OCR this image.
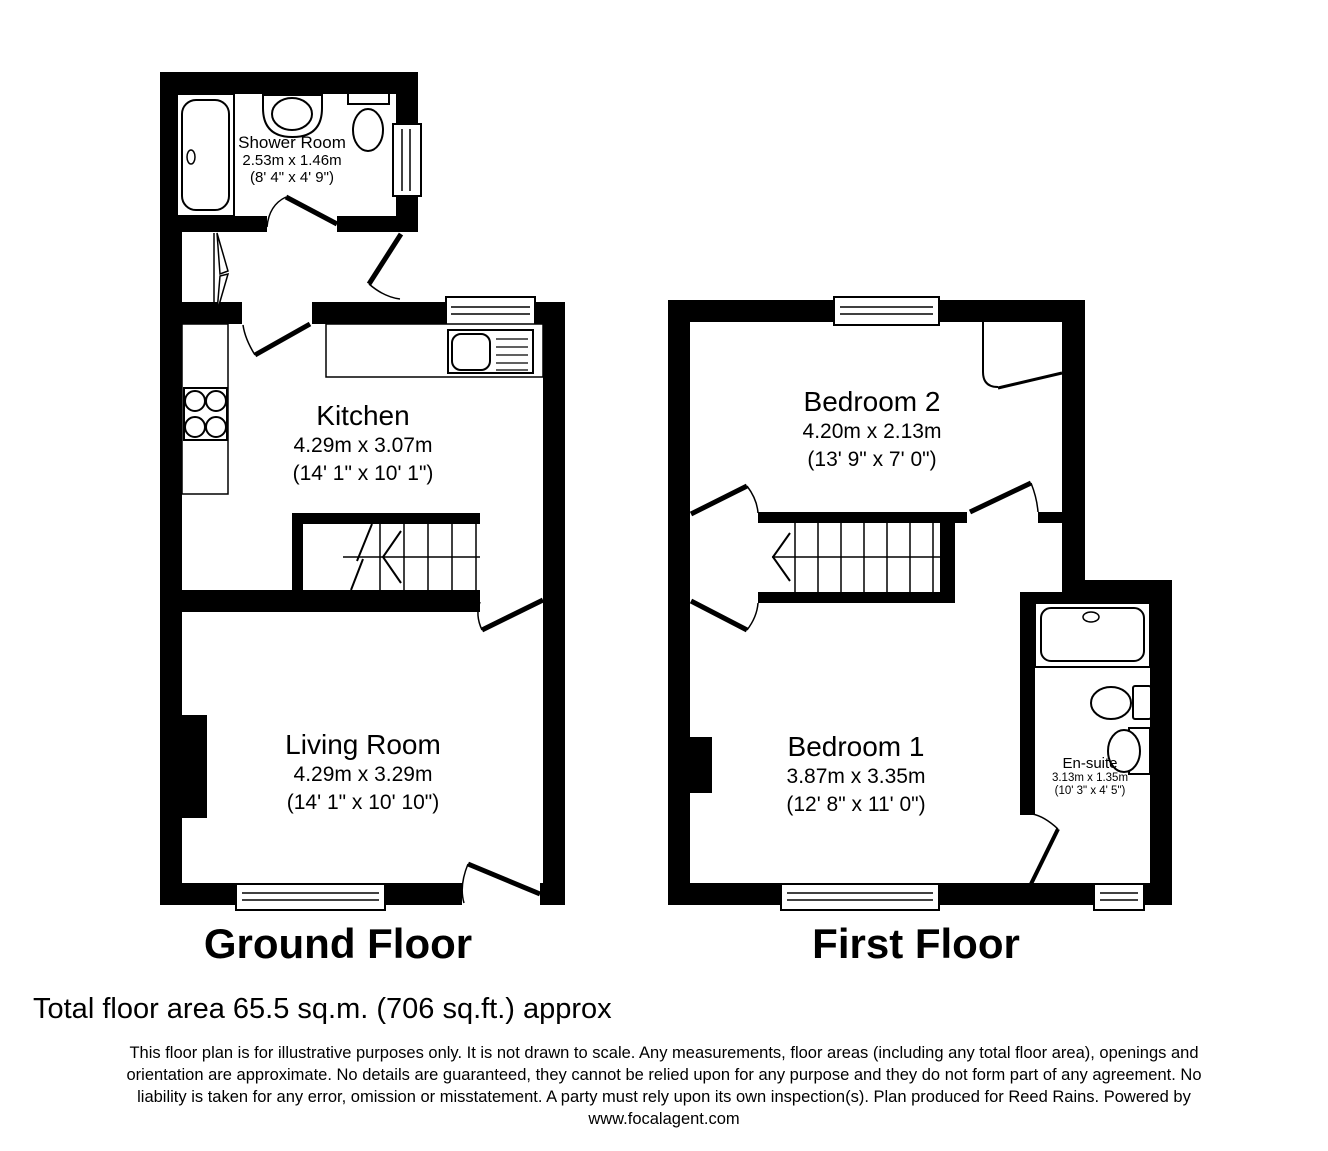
Shower Room
2.53m x 1.46m
(8' 4" x 4' 9")
Kitchen
4.29m x 3.07m
(14' 1" x 10' 1")
Living Room
4.29m x 3.29m
(14' 1" x 10' 10")
Bedroom 2
4.20m x 2.13m
(13' 9" x 7' 0")
Bedroom 1
3.87m x 3.35m
(12' 8" x 11' 0")
En-suite
3.13m x 1.35m
(10' 3" x 4' 5")
Ground Floor	First Floor
Total floor area 65.5 sq.m. (706 sq.ft.) approx
This floor plan is for illustrative purposes only. It is not drawn to scale. Any measurements, floor areas (including any total floor area), openings and
orientation are approximate. No details are guaranteed, they cannot be relied upon for any purpose and they do not form part of any agreement. No
liability is taken for any error, omission or misstatement. A party must rely upon its own inspection(s). Plan produced for Reed Rains. Powered by
www.focalagent.com
